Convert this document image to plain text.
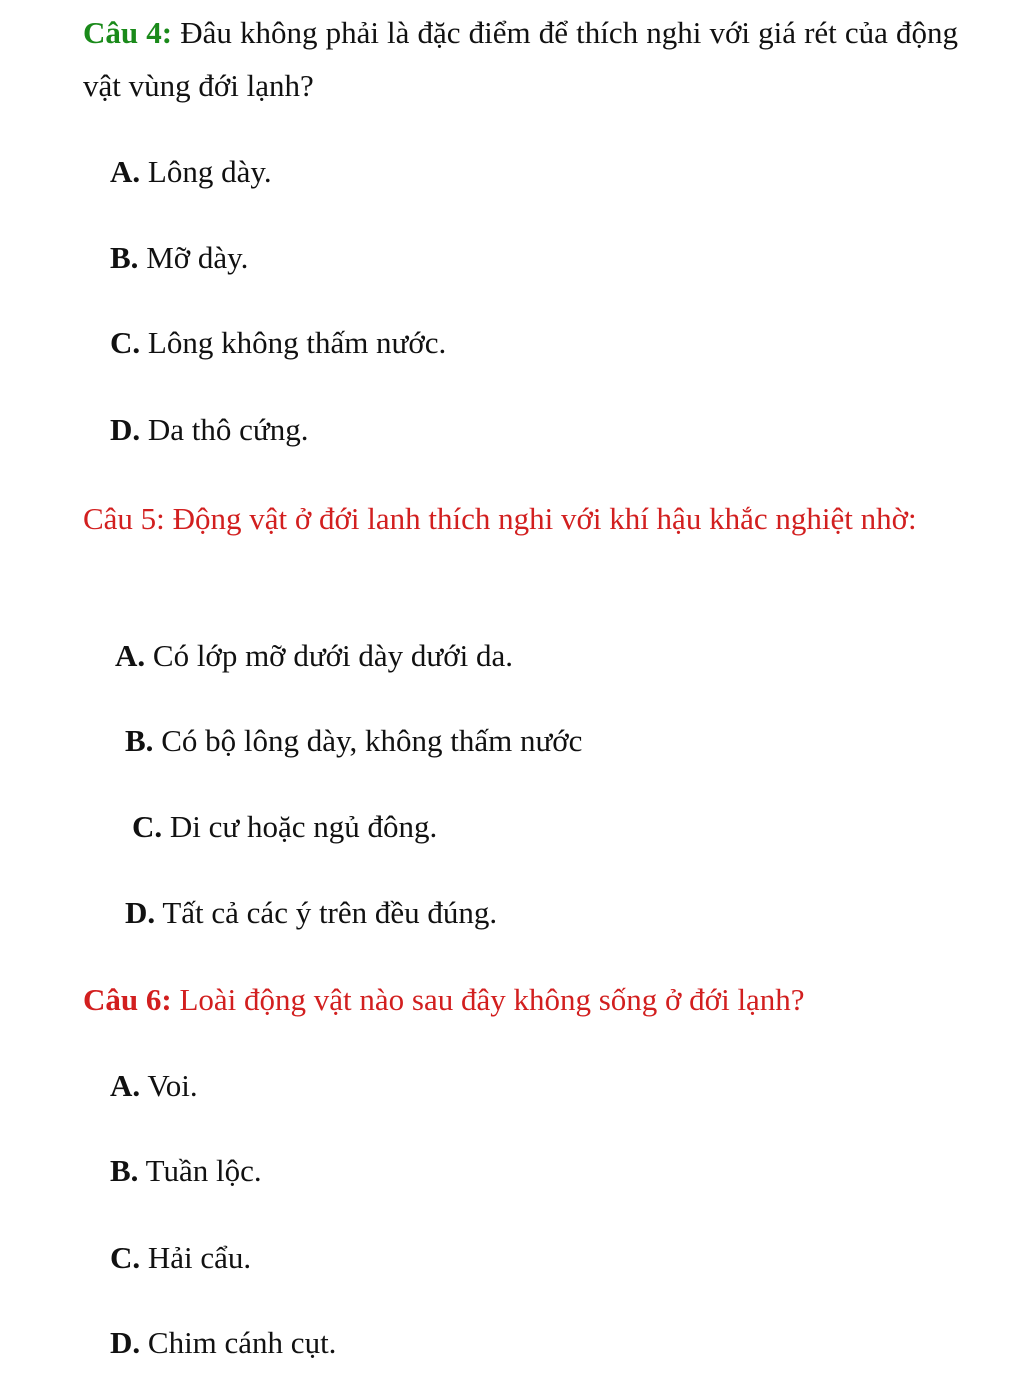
Câu 4: Đâu không phải là đặc điểm để thích nghi với giá rét của động vật vùng đới lạnh?

A. Lông dày.

B. Mỡ dày.

C. Lông không thấm nước.

D. Da thô cứng.

Câu 5: Động vật ở đới lanh thích nghi với khí hậu khắc nghiệt nhờ:

A. Có lớp mỡ dưới dày dưới da.

B. Có bộ lông dày, không thấm nước

C. Di cư hoặc ngủ đông.

D. Tất cả các ý trên đều đúng.

Câu 6: Loài động vật nào sau đây không sống ở đới lạnh?

A. Voi.

B. Tuần lộc.

C. Hải cẩu.

D. Chim cánh cụt.
